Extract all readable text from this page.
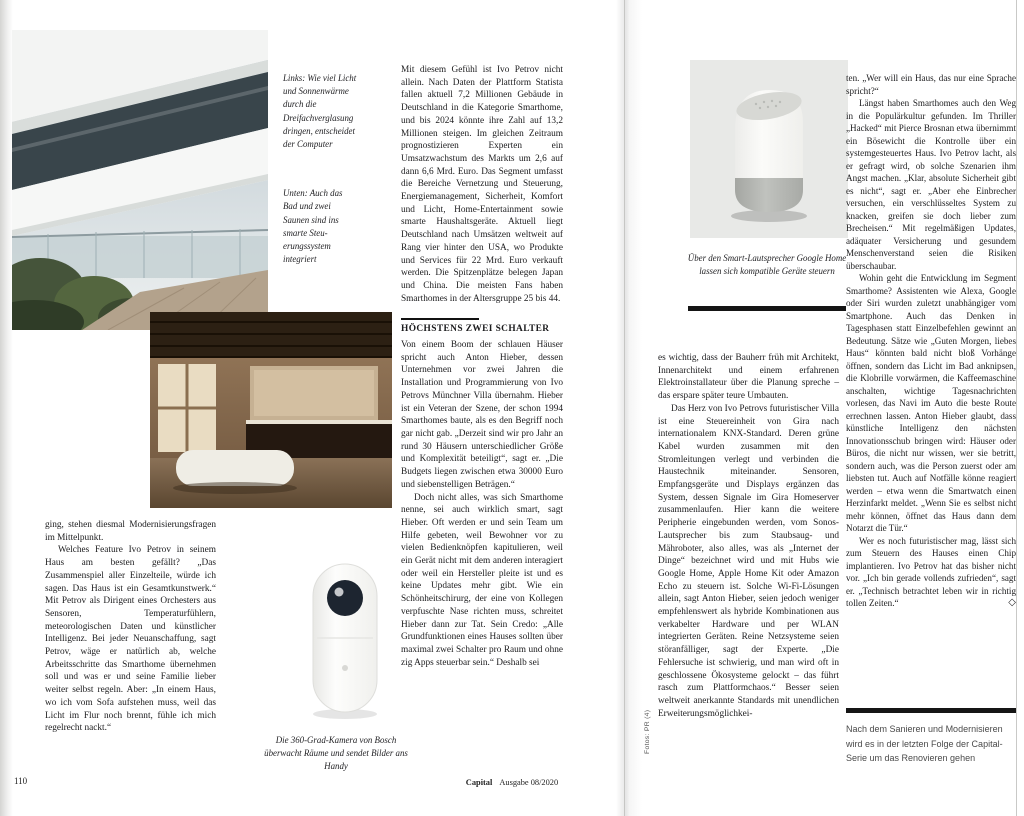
Links: Wie viel Licht und Sonnenwärme durch die Dreifachverglasung dringen, entscheidet der Computer

Unten: Auch das Bad und zwei Saunen sind ins smarte Steuerungssystem integriert

ging, stehen diesmal Modernisierungsfragen im Mittelpunkt.

Welches Feature Ivo Petrov in seinem Haus am besten gefällt? „Das Zusammenspiel aller Einzelteile, würde ich sagen. Das Haus ist ein Gesamtkunstwerk.“ Mit Petrov als Dirigent eines Orchesters aus Sensoren, Temperaturfühlern, meteorologischen Daten und künstlicher Intelligenz. Bei jeder Neuanschaffung, sagt Petrov, wäge er natürlich ab, welche Arbeitsschritte das Smarthome übernehmen soll und was er und seine Familie lieber weiter selbst regeln. Aber: „In einem Haus, wo ich vom Sofa aufstehen muss, weil das Licht im Flur noch brennt, fühle ich mich regelrecht nackt.“

Die 360-Grad-Kamera von Bosch überwacht Räume und sendet Bilder ans Handy

Mit diesem Gefühl ist Ivo Petrov nicht allein. Nach Daten der Plattform Statista fallen aktuell 7,2 Millionen Gebäude in Deutschland in die Kategorie Smarthome, und bis 2024 könnte ihre Zahl auf 13,2 Millionen steigen. Im gleichen Zeitraum prognostizieren Experten ein Umsatzwachstum des Markts um 2,6 auf dann 6,6 Mrd. Euro. Das Segment umfasst die Bereiche Vernetzung und Steuerung, Energiemanagement, Sicherheit, Komfort und Licht, Home-Entertainment sowie smarte Haushaltsgeräte. Aktuell liegt Deutschland nach Umsätzen weltweit auf Rang vier hinter den USA, wo Produkte und Services für 22 Mrd. Euro verkauft werden. Die Spitzenplätze belegen Japan und China. Die meisten Fans haben Smarthomes in der Altersgruppe 25 bis 44.

HÖCHSTENS ZWEI SCHALTER

Von einem Boom der schlauen Häuser spricht auch Anton Hieber, dessen Unternehmen vor zwei Jahren die Installation und Programmierung von Ivo Petrovs Münchner Villa übernahm. Hieber ist ein Veteran der Szene, der schon 1994 Smarthomes baute, als es den Begriff noch gar nicht gab. „Derzeit sind wir pro Jahr an rund 30 Häusern unterschiedlicher Größe und Komplexität beteiligt“, sagt er. „Die Budgets liegen zwischen etwa 30000 Euro und siebenstelligen Beträgen.“

Doch nicht alles, was sich Smarthome nenne, sei auch wirklich smart, sagt Hieber. Oft werden er und sein Team um Hilfe gebeten, weil Bewohner vor zu vielen Bedienknöpfen kapitulieren, weil ein Gerät nicht mit dem anderen interagiert oder weil ein Hersteller pleite ist und es keine Updates mehr gibt. Wie ein Schönheitschirurg, der eine von Kollegen verpfuschte Nase richten muss, schreitet Hieber dann zur Tat. Sein Credo: „Alle Grundfunktionen eines Hauses sollten über maximal zwei Schalter pro Raum und ohne zig Apps steuerbar sein.“ Deshalb sei

110	Capital Ausgabe 08/2020
Über den Smart-Lautsprecher Google Home lassen sich kompatible Geräte steuern

es wichtig, dass der Bauherr früh mit Architekt, Innenarchitekt und einem erfahrenen Elektroinstallateur über die Planung spreche – das erspare später teure Umbauten.

Das Herz von Ivo Petrovs futuristischer Villa ist eine Steuereinheit von Gira nach internationalem KNX-Standard. Deren grüne Kabel wurden zusammen mit den Stromleitungen verlegt und verbinden die Haustechnik miteinander. Sensoren, Empfangsgeräte und Displays ergänzen das System, dessen Signale im Gira Homeserver zusammenlaufen. Hier kann die weitere Peripherie eingebunden werden, vom Sonos-Lautsprecher bis zum Staubsaug- und Mähroboter, also alles, was als „Internet der Dinge“ bezeichnet wird und mit Hubs wie Google Home, Apple Home Kit oder Amazon Echo zu steuern ist. Solche Wi-Fi-Lösungen allein, sagt Anton Hieber, seien jedoch weniger empfehlenswert als hybride Kombinationen aus verkabelter Hardware und per WLAN integrierten Geräten. Reine Netzsysteme seien störanfälliger, sagt der Experte. „Die Fehlersuche ist schwierig, und man wird oft in geschlossene Ökosysteme gelockt – das führt rasch zum Plattformchaos.“ Besser seien weltweit anerkannte Standards mit unendlichen Erweiterungsmöglichkei-

ten. „Wer will ein Haus, das nur eine Sprache spricht?“

Längst haben Smarthomes auch den Weg in die Populärkultur gefunden. Im Thriller „Hacked“ mit Pierce Brosnan etwa übernimmt ein Bösewicht die Kontrolle über ein systemgesteuertes Haus. Ivo Petrov lacht, als er gefragt wird, ob solche Szenarien ihm Angst machen. „Klar, absolute Sicherheit gibt es nicht“, sagt er. „Aber ehe Einbrecher versuchen, ein verschlüsseltes System zu knacken, greifen sie doch lieber zum Brecheisen.“ Mit regelmäßigen Updates, adäquater Versicherung und gesundem Menschenverstand seien die Risiken überschaubar.

Wohin geht die Entwicklung im Segment Smarthome? Assistenten wie Alexa, Google oder Siri wurden zuletzt unabhängiger vom Smartphone. Auch das Denken in Tagesphasen statt Einzelbefehlen gewinnt an Bedeutung. Sätze wie „Guten Morgen, liebes Haus“ könnten bald nicht bloß Vorhänge öffnen, sondern das Licht im Bad anknipsen, die Klobrille vorwärmen, die Kaffeemaschine anschalten, wichtige Tagesnachrichten vorlesen, das Navi im Auto die beste Route errechnen lassen. Anton Hieber glaubt, dass künstliche Intelligenz den nächsten Innovationsschub bringen wird: Häuser oder Büros, die nicht nur wissen, wer sie betritt, sondern auch, was die Person zuerst oder am liebsten tut. Auch auf Notfälle könne reagiert werden – etwa wenn die Smartwatch einen Herzinfarkt meldet. „Wenn Sie es selbst nicht mehr können, öffnet das Haus dann dem Notarzt die Tür.“

Wer es noch futuristischer mag, lässt sich zum Steuern des Hauses einen Chip implantieren. Ivo Petrov hat das bisher nicht vor. „Ich bin gerade vollends zufrieden“, sagt er. „Technisch betrachtet leben wir in richtig tollen Zeiten.“	◇

Fotos: PR (4)	Nach dem Sanieren und Modernisieren wird es in der letzten Folge der Capital-Serie um das Renovieren gehen
